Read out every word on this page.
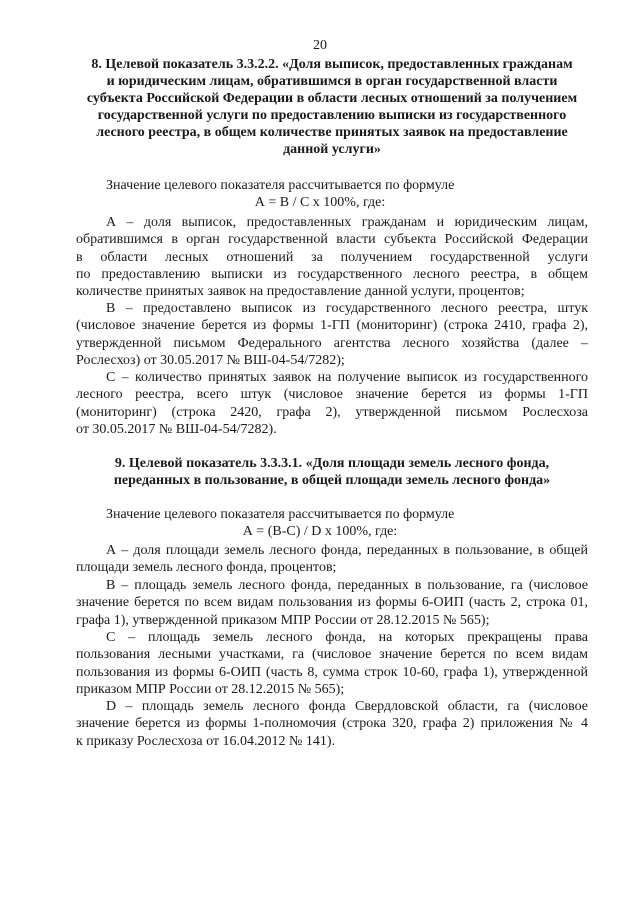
20
8. Целевой показатель 3.3.2.2. «Доля выписок, предоставленных гражданам
и юридическим лицам, обратившимся в орган государственной власти
субъекта Российской Федерации в области лесных отношений за получением
государственной услуги по предоставлению выписки из государственного
лесного реестра, в общем количестве принятых заявок на предоставление
данной услуги»
Значение целевого показателя рассчитывается по формуле
А = В / С х 100%, где:
А – доля выписок, предоставленных гражданам и юридическим лицам,
обратившимся в орган государственной власти субъекта Российской Федерации
в области лесных отношений за получением государственной услуги
по предоставлению выписки из государственного лесного реестра, в общем
количестве принятых заявок на предоставление данной услуги, процентов;
В – предоставлено выписок из государственного лесного реестра, штук
(числовое значение берется из формы 1-ГП (мониторинг) (строка 2410, графа 2),
утвержденной письмом Федерального агентства лесного хозяйства (далее –
Рослесхоз) от 30.05.2017 № ВШ-04-54/7282);
С – количество принятых заявок на получение выписок из государственного
лесного реестра, всего штук (числовое значение берется из формы 1-ГП
(мониторинг) (строка 2420, графа 2), утвержденной письмом Рослесхоза
от 30.05.2017 № ВШ-04-54/7282).
9. Целевой показатель 3.3.3.1. «Доля площади земель лесного фонда,
переданных в пользование, в общей площади земель лесного фонда»
Значение целевого показателя рассчитывается по формуле
А = (В-С) / D х 100%, где:
А – доля площади земель лесного фонда, переданных в пользование, в общей
площади земель лесного фонда, процентов;
В – площадь земель лесного фонда, переданных в пользование, га (числовое
значение берется по всем видам пользования из формы 6-ОИП (часть 2, строка 01,
графа 1), утвержденной приказом МПР России от 28.12.2015 № 565);
С – площадь земель лесного фонда, на которых прекращены права
пользования лесными участками, га (числовое значение берется по всем видам
пользования из формы 6-ОИП (часть 8, сумма строк 10-60, графа 1), утвержденной
приказом МПР России от 28.12.2015 № 565);
D – площадь земель лесного фонда Свердловской области, га (числовое
значение берется из формы 1-полномочия (строка 320, графа 2) приложения № 4
к приказу Рослесхоза от 16.04.2012 № 141).
